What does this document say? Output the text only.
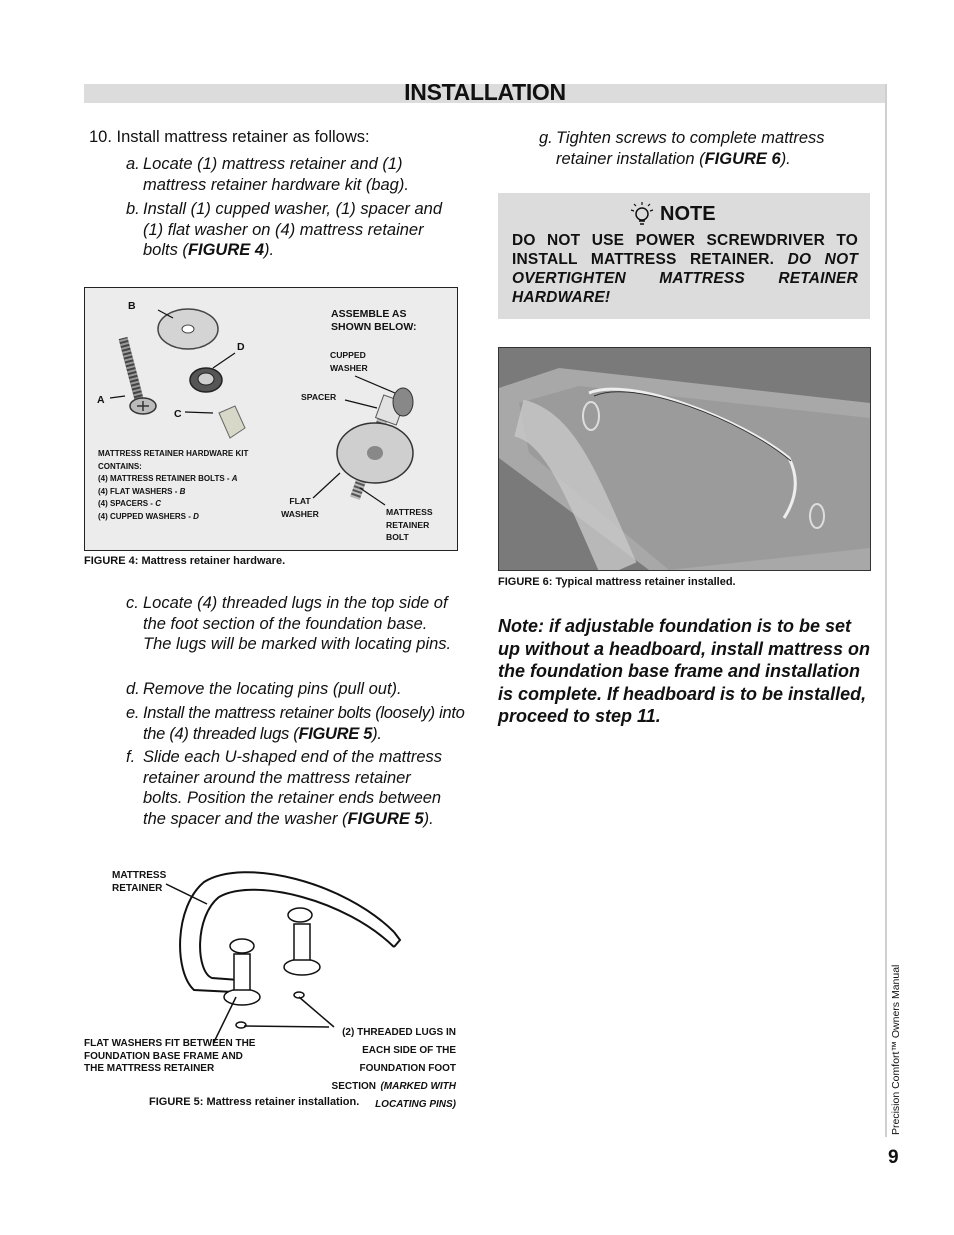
INSTALLATION
10. Install mattress retainer as follows:
a. Locate (1) mattress retainer and (1) mattress retainer hardware kit (bag).
b. Install (1) cupped washer, (1) spacer and (1) flat washer on (4) mattress retainer bolts (FIGURE 4).
B
D
A
C
ASSEMBLE AS SHOWN BELOW:
CUPPED WASHER
SPACER
FLAT WASHER	MATTRESS RETAINER BOLT
MATTRESS RETAINER HARDWARE KIT CONTAINS:
(4) MATTRESS RETAINER BOLTS - A
(4) FLAT WASHERS - B
(4) SPACERS - C
(4) CUPPED WASHERS - D
FIGURE 4: Mattress retainer hardware.
c. Locate (4) threaded lugs in the top side of the foot section of the foundation base. The lugs will be marked with locating pins.
d. Remove the locating pins (pull out).
e. Install the mattress retainer bolts (loosely) into the (4) threaded lugs (FIGURE 5).
f. Slide each U-shaped end of the mattress retainer around the mattress retainer bolts. Position the retainer ends between the spacer and the washer (FIGURE 5).
MATTRESS RETAINER
FLAT WASHERS FIT BETWEEN THE FOUNDATION BASE FRAME AND THE MATTRESS RETAINER
(2) THREADED LUGS IN EACH SIDE OF THE FOUNDATION FOOT SECTION (MARKED WITH LOCATING PINS)
FIGURE 5: Mattress retainer installation.
g. Tighten screws to complete mattress retainer installation (FIGURE 6).
NOTE
DO NOT USE POWER SCREWDRIVER TO INSTALL MATTRESS RETAINER. DO NOT OVERTIGHTEN MATTRESS RETAINER HARDWARE!
FIGURE 6: Typical mattress retainer installed.
Note: if adjustable foundation is to be set up without a headboard, install mattress on the foundation base frame and installation is complete. If headboard is to be installed, proceed to step 11.
Precision Comfort™ Owners Manual
9
